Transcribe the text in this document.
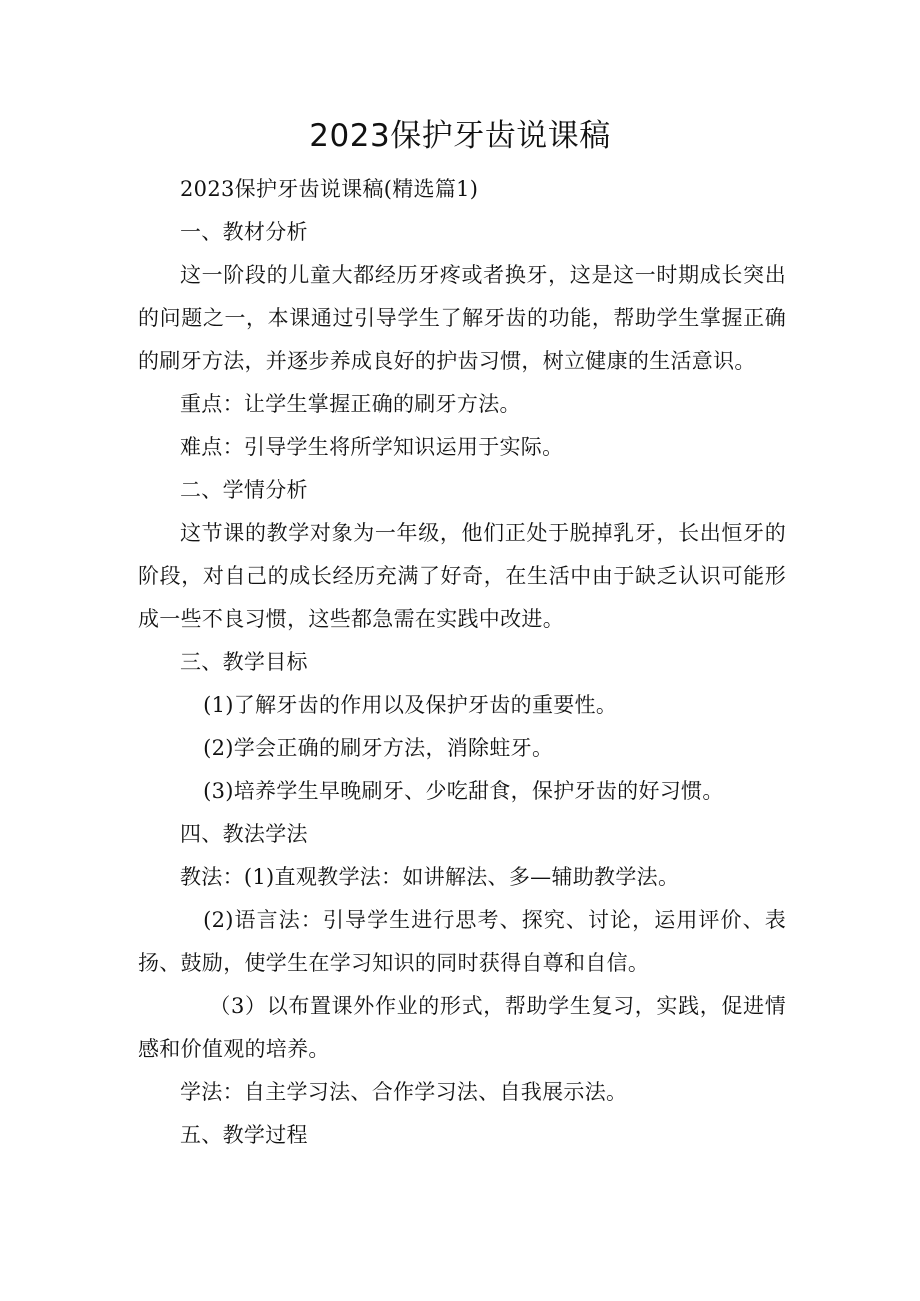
2023保护牙齿说课稿

2023保护牙齿说课稿(精选篇1)

一、教材分析

这一阶段的儿童大都经历牙疼或者换牙，这是这一时期成长突出的问题之一，本课通过引导学生了解牙齿的功能，帮助学生掌握正确的刷牙方法，并逐步养成良好的护齿习惯，树立健康的生活意识。

重点：让学生掌握正确的刷牙方法。

难点：引导学生将所学知识运用于实际。

二、学情分析

这节课的教学对象为一年级，他们正处于脱掉乳牙，长出恒牙的阶段，对自己的成长经历充满了好奇，在生活中由于缺乏认识可能形成一些不良习惯，这些都急需在实践中改进。

三、教学目标

(1)了解牙齿的作用以及保护牙齿的重要性。

(2)学会正确的刷牙方法，消除蛀牙。

(3)培养学生早晚刷牙、少吃甜食，保护牙齿的好习惯。

四、教法学法

教法：(1)直观教学法：如讲解法、多—辅助教学法。

(2)语言法：引导学生进行思考、探究、讨论，运用评价、表扬、鼓励，使学生在学习知识的同时获得自尊和自信。

（3）以布置课外作业的形式，帮助学生复习，实践，促进情感和价值观的培养。

学法：自主学习法、合作学习法、自我展示法。

五、教学过程
